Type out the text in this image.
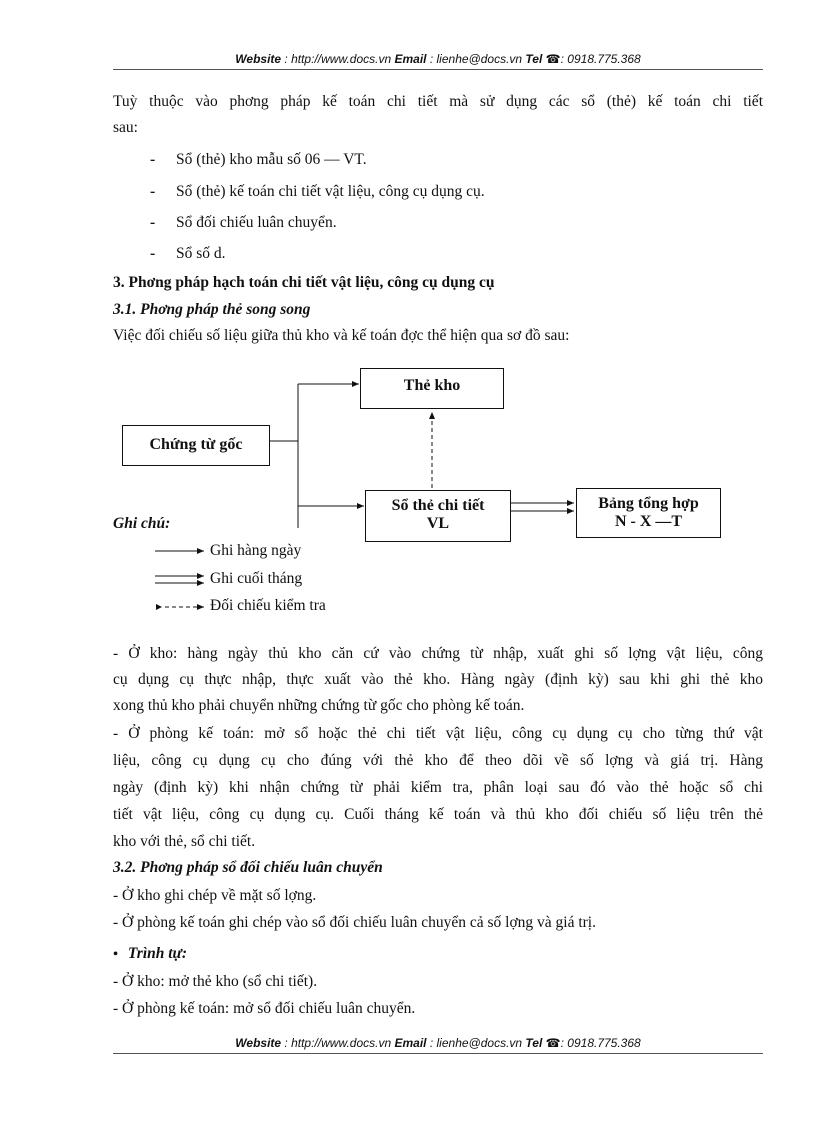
Website : http://www.docs.vn Email : lienhe@docs.vn Tel ☎: 0918.775.368
Tuỳ thuộc vào phơng pháp kế toán chi tiết mà sử dụng các sổ (thẻ) kế toán chi tiết
sau:
- Sổ (thẻ) kho mẫu số 06 — VT.
- Sổ (thẻ) kế toán chi tiết vật liệu, công cụ dụng cụ.
- Sổ đối chiếu luân chuyển.
- Sổ số d.
3. Phơng pháp hạch toán chi tiết vật liệu, công cụ dụng cụ
3.1. Phơng pháp thẻ song song
Việc đối chiếu số liệu giữa thủ kho và kế toán đợc thể hiện qua sơ đồ sau:
Thẻ kho
Chứng từ gốc
Sổ thẻ chi tiết
VL
Bảng tổng hợp
N - X —T
Ghi chú:
Ghi hàng ngày
Ghi cuối tháng
Đối chiếu kiểm tra
- Ở kho: hàng ngày thủ kho căn cứ vào chứng từ nhập, xuất ghi số lợng vật liệu, công
cụ dụng cụ thực nhập, thực xuất vào thẻ kho. Hàng ngày (định kỳ) sau khi ghi thẻ kho
xong thủ kho phải chuyển những chứng từ gốc cho phòng kế toán.
- Ở phòng kế toán: mở sổ hoặc thẻ chi tiết vật liệu, công cụ dụng cụ cho từng thứ vật
liệu, công cụ dụng cụ cho đúng với thẻ kho để theo dõi về số lợng và giá trị. Hàng
ngày (định kỳ) khi nhận chứng từ phải kiểm tra, phân loại sau đó vào thẻ hoặc sổ chi
tiết vật liệu, công cụ dụng cụ. Cuối tháng kế toán và thủ kho đối chiếu số liệu trên thẻ
kho với thẻ, sổ chi tiết.
3.2. Phơng pháp sổ đối chiếu luân chuyển
- Ở kho ghi chép về mặt số lợng.
- Ở phòng kế toán ghi chép vào sổ đối chiếu luân chuyển cả số lợng và giá trị.
• Trình tự:
- Ở kho: mở thẻ kho (sổ chi tiết).
- Ở phòng kế toán: mở sổ đối chiếu luân chuyển.
Website : http://www.docs.vn Email : lienhe@docs.vn Tel ☎: 0918.775.368
